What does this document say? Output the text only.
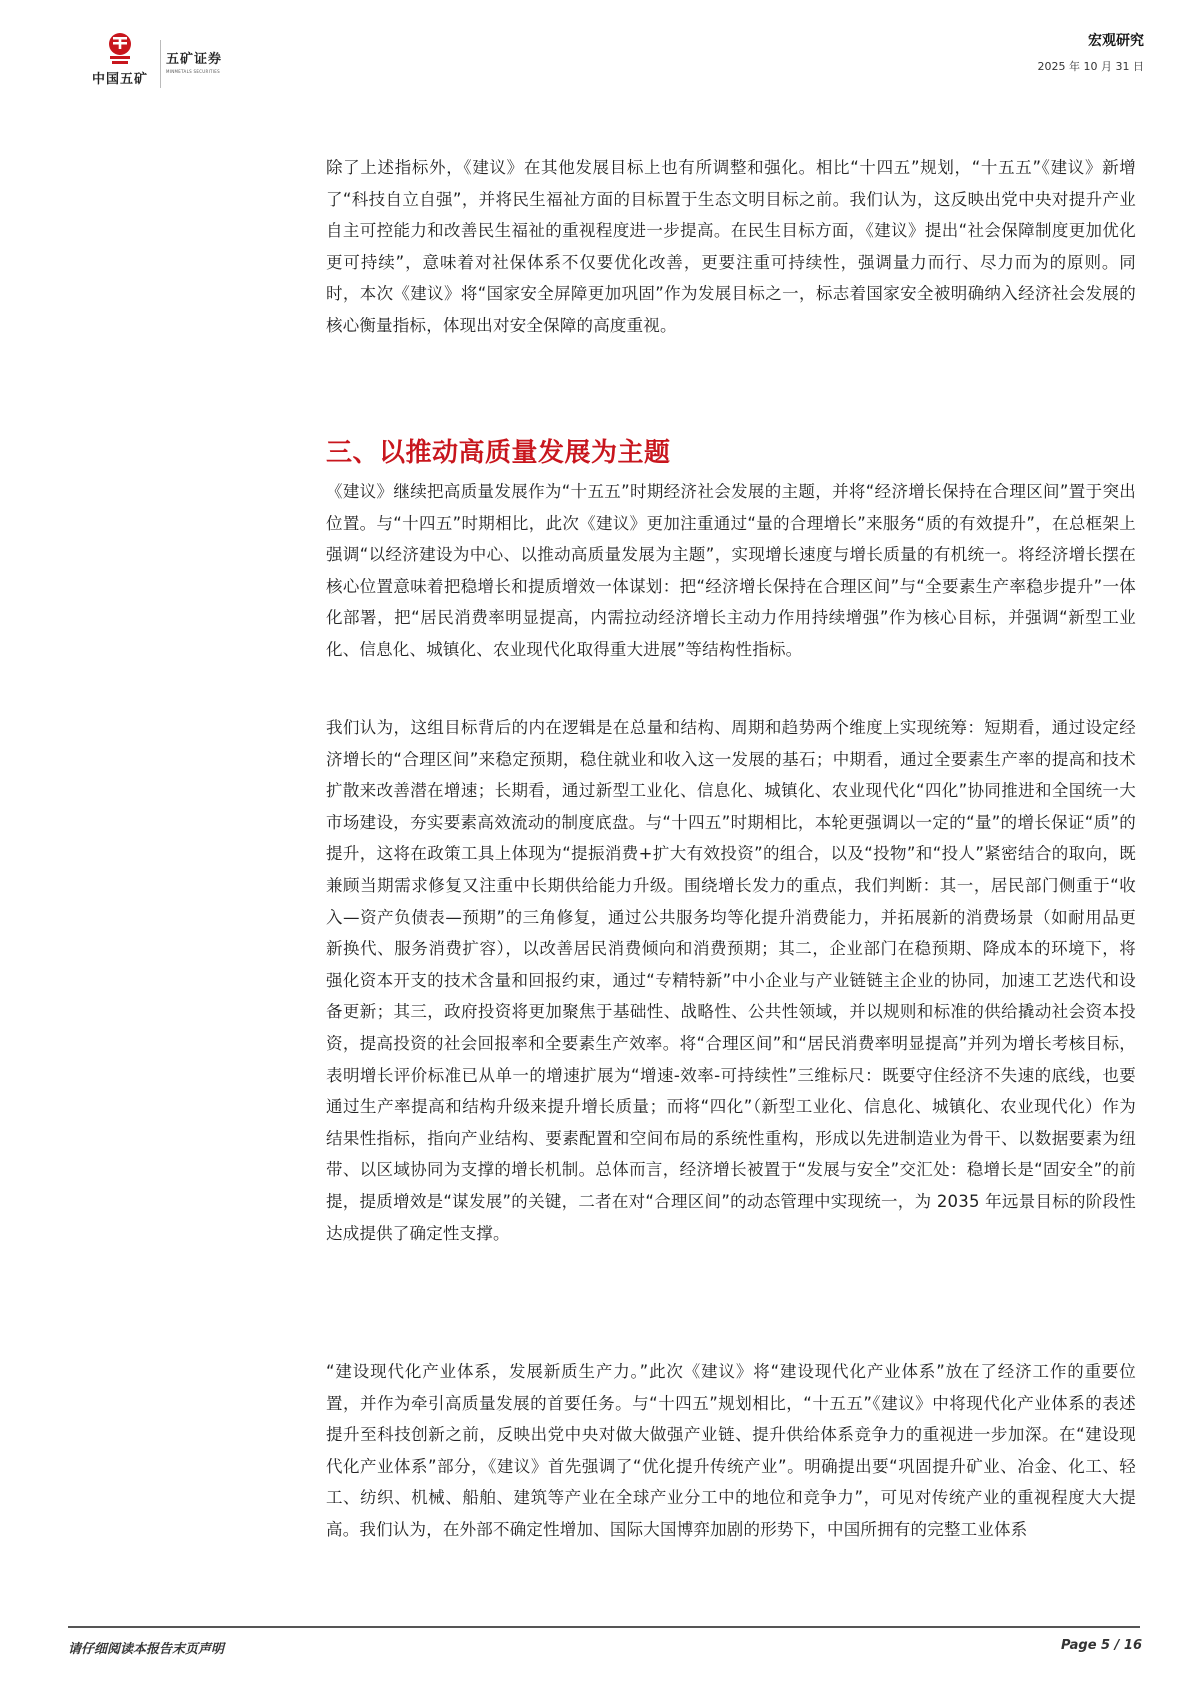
中国五矿
五矿证券
MINMETALS SECURITIES
宏观研究
2025 年 10 月 31 日

除了上述指标外，《建议》在其他发展目标上也有所调整和强化。相比“十四五”规划，“十五五”《建议》新增了“科技自立自强”，并将民生福祉方面的目标置于生态文明目标之前。我们认为，这反映出党中央对提升产业自主可控能力和改善民生福祉的重视程度进一步提高。在民生目标方面，《建议》提出“社会保障制度更加优化更可持续”，意味着对社保体系不仅要优化改善，更要注重可持续性，强调量力而行、尽力而为的原则。同时，本次《建议》将“国家安全屏障更加巩固”作为发展目标之一，标志着国家安全被明确纳入经济社会发展的核心衡量指标，体现出对安全保障的高度重视。

《建议》继续把高质量发展作为“十五五”时期经济社会发展的主题，并将“经济增长保持在合理区间”置于突出位置。与“十四五”时期相比，此次《建议》更加注重通过“量的合理增长”来服务“质的有效提升”，在总框架上强调“以经济建设为中心、以推动高质量发展为主题”，实现增长速度与增长质量的有机统一。将经济增长摆在核心位置意味着把稳增长和提质增效一体谋划：把“经济增长保持在合理区间”与“全要素生产率稳步提升”一体化部署，把“居民消费率明显提高，内需拉动经济增长主动力作用持续增强”作为核心目标，并强调“新型工业化、信息化、城镇化、农业现代化取得重大进展”等结构性指标。

我们认为，这组目标背后的内在逻辑是在总量和结构、周期和趋势两个维度上实现统筹：短期看，通过设定经济增长的“合理区间”来稳定预期，稳住就业和收入这一发展的基石；中期看，通过全要素生产率的提高和技术扩散来改善潜在增速；长期看，通过新型工业化、信息化、城镇化、农业现代化“四化”协同推进和全国统一大市场建设，夯实要素高效流动的制度底盘。与“十四五”时期相比，本轮更强调以一定的“量”的增长保证“质”的提升，这将在政策工具上体现为“提振消费+扩大有效投资”的组合，以及“投物”和“投人”紧密结合的取向，既兼顾当期需求修复又注重中长期供给能力升级。围绕增长发力的重点，我们判断：其一，居民部门侧重于“收入—资产负债表—预期”的三角修复，通过公共服务均等化提升消费能力，并拓展新的消费场景（如耐用品更新换代、服务消费扩容），以改善居民消费倾向和消费预期；其二，企业部门在稳预期、降成本的环境下，将强化资本开支的技术含量和回报约束，通过“专精特新”中小企业与产业链链主企业的协同，加速工艺迭代和设备更新；其三，政府投资将更加聚焦于基础性、战略性、公共性领域，并以规则和标准的供给撬动社会资本投资，提高投资的社会回报率和全要素生产效率。将“合理区间”和“居民消费率明显提高”并列为增长考核目标，表明增长评价标准已从单一的增速扩展为“增速-效率-可持续性”三维标尺：既要守住经济不失速的底线，也要通过生产率提高和结构升级来提升增长质量；而将“四化”（新型工业化、信息化、城镇化、农业现代化）作为结果性指标，指向产业结构、要素配置和空间布局的系统性重构，形成以先进制造业为骨干、以数据要素为纽带、以区域协同为支撑的增长机制。总体而言，经济增长被置于“发展与安全”交汇处：稳增长是“固安全”的前提，提质增效是“谋发展”的关键，二者在对“合理区间”的动态管理中实现统一，为 2035 年远景目标的阶段性达成提供了确定性支撑。

“建设现代化产业体系，发展新质生产力。”此次《建议》将“建设现代化产业体系”放在了经济工作的重要位置，并作为牵引高质量发展的首要任务。与“十四五”规划相比，“十五五”《建议》中将现代化产业体系的表述提升至科技创新之前，反映出党中央对做大做强产业链、提升供给体系竞争力的重视进一步加深。在“建设现代化产业体系”部分，《建议》首先强调了“优化提升传统产业”。明确提出要“巩固提升矿业、冶金、化工、轻工、纺织、机械、船舶、建筑等产业在全球产业分工中的地位和竞争力”，可见对传统产业的重视程度大大提高。我们认为，在外部不确定性增加、国际大国博弈加剧的形势下，中国所拥有的完整工业体系

三、以推动高质量发展为主题
请仔细阅读本报告末页声明	Page 5 / 16
